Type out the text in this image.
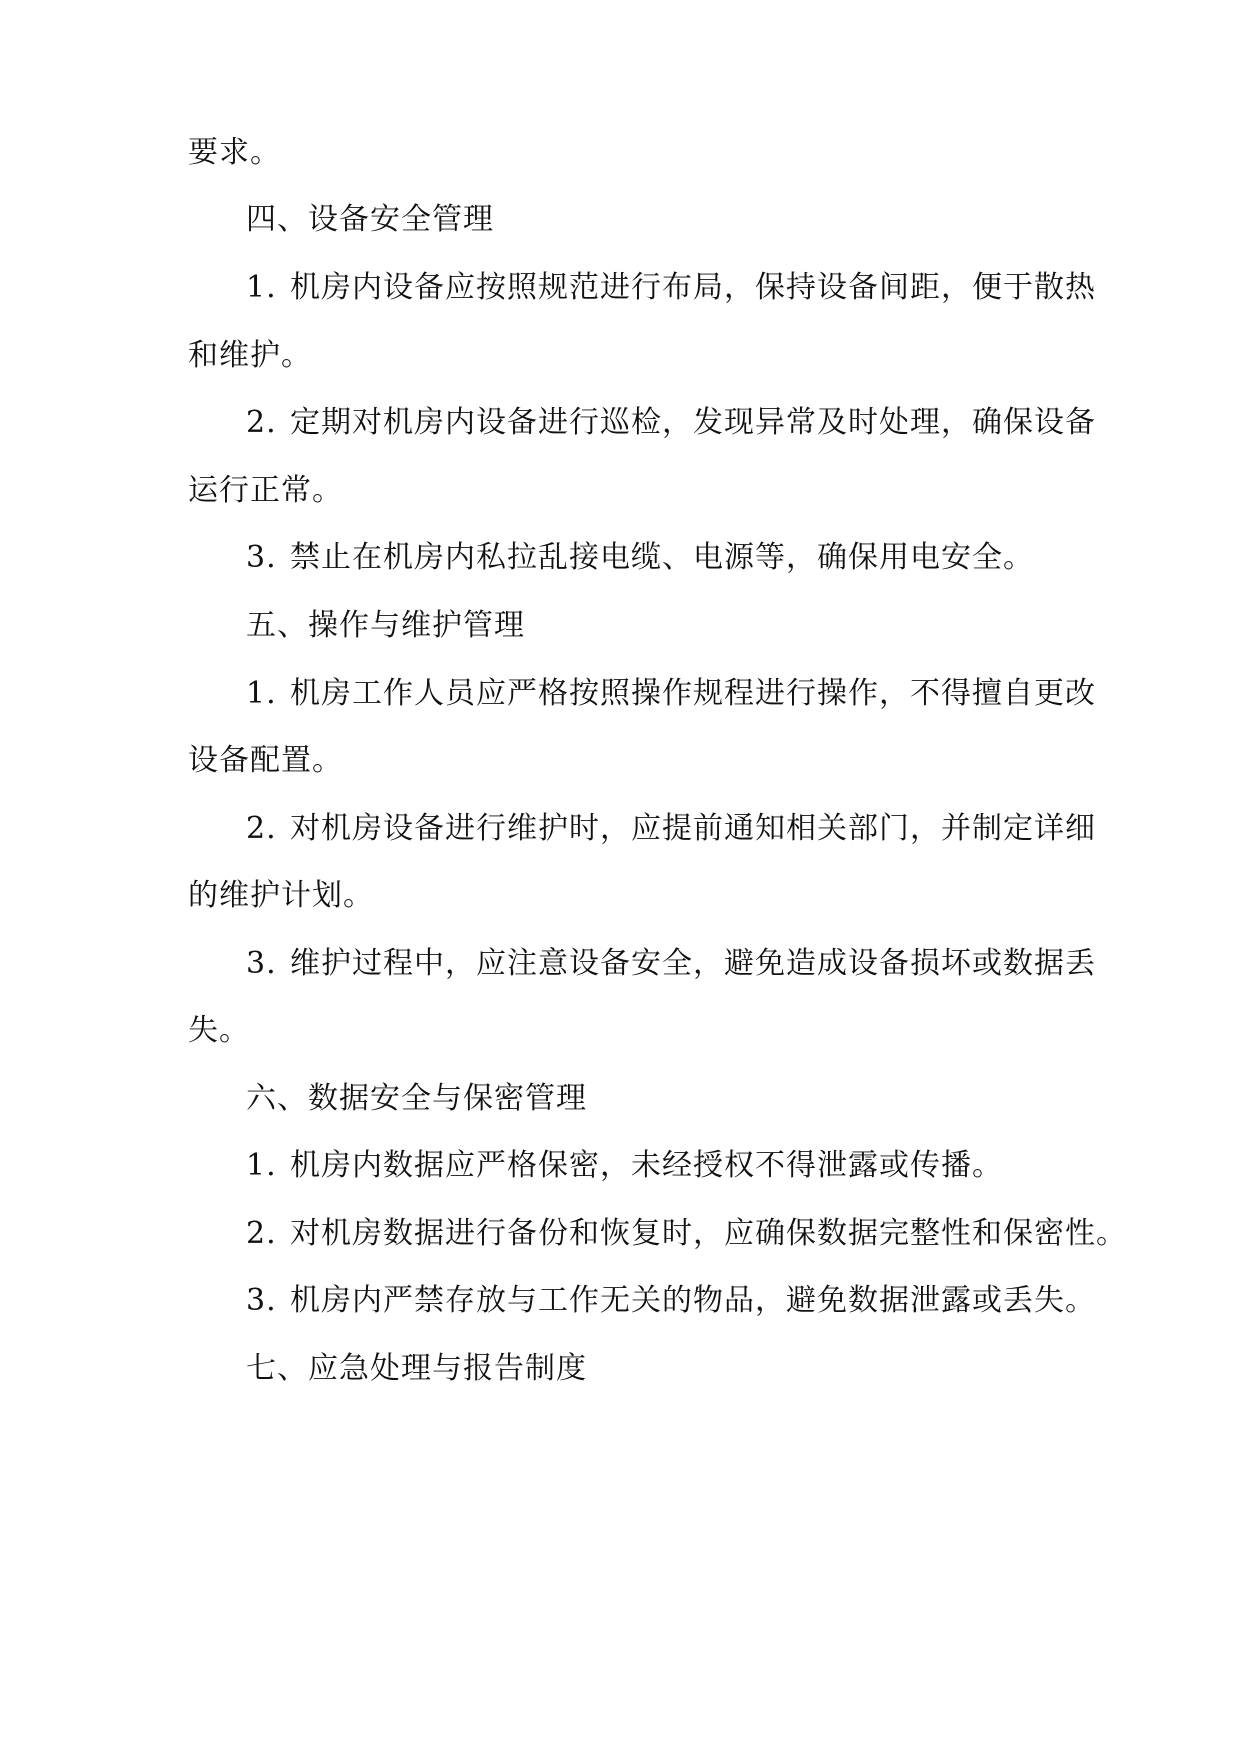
要求。
四、设备安全管理
1. 机房内设备应按照规范进行布局，保持设备间距，便于散热
和维护。
2. 定期对机房内设备进行巡检，发现异常及时处理，确保设备
运行正常。
3. 禁止在机房内私拉乱接电缆、电源等，确保用电安全。
五、操作与维护管理
1. 机房工作人员应严格按照操作规程进行操作，不得擅自更改
设备配置。
2. 对机房设备进行维护时，应提前通知相关部门，并制定详细
的维护计划。
3. 维护过程中，应注意设备安全，避免造成设备损坏或数据丢
失。
六、数据安全与保密管理
1. 机房内数据应严格保密，未经授权不得泄露或传播。
2. 对机房数据进行备份和恢复时，应确保数据完整性和保密性。
3. 机房内严禁存放与工作无关的物品，避免数据泄露或丢失。
七、应急处理与报告制度
